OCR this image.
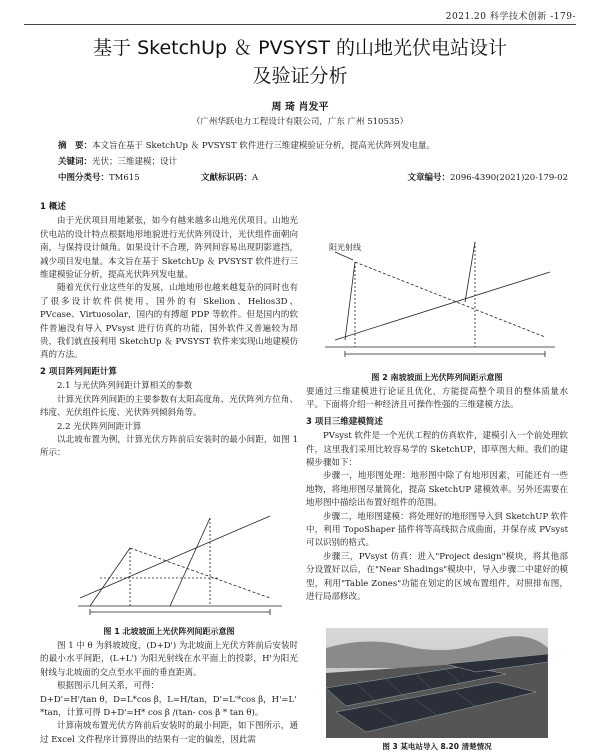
2021.20 科学技术创新 -179-
基于 SketchUp ＆ PVSYST 的山地光伏电站设计
及验证分析
周 琦 肖发平
（广州华跃电力工程设计有限公司，广东 广州 510535）
摘　要：本文旨在基于 SketchUp ＆ PVSYST 软件进行三维建模验证分析，提高光伏阵列发电量。
关键词：光伏；三维建模；设计
中图分类号：TM615	文献标识码：A	文章编号：2096-4390(2021)20-179-02

1 概述

由于光伏项目用地紧张，如今有越来越多山地光伏项目。山地光伏电站的设计特点根据地形地貌进行光伏阵列设计，光伏组件面朝向南，与保持设计倾角。如果设计不合理，阵列间容易出现阴影遮挡，减少项目发电量。本文旨在基于 SketchUp ＆ PVSYST 软件进行三维建模验证分析，提高光伏阵列发电量。

随着光伏行业这些年的发展，山地地形也越来越复杂的同时也有了很多设计软件供使用，国外的有 Skelion、Helios3D、PVcase、Virtuosolar，国内的有搏超 PDP 等软件。但是国内的软件普遍没有导入 PVsyst 进行仿真的功能，国外软件又普遍较为昂贵，我们就直接利用 SketchUp ＆ PVSYST 软件来实现山地建模仿真的方法。

2 项目阵列间距计算

2.1 与光伏阵列间距计算相关的参数

计算光伏阵列间距的主要参数有太阳高度角、光伏阵列方位角、纬度、光伏组件长度、光伏阵列倾斜角等。

2.2 光伏阵列间距计算

以北坡布置为例，计算光伏方阵前后安装时的最小间距，如图 1 所示：

图 1 北坡坡面上光伏阵列间距示意图

图 1 中 θ 为斜坡坡度，(D+D') 为北坡面上光伏方阵前后安装时的最小水平间距，(L+L') 为阳光射线在水平面上的投影，H'为阳光射线与北坡面的交点至水平面的垂直距离。

根据图示几何关系，可得：

D+D'=H'/tan θ，D=L*cos β，L=H/tan，D'=L'*cos β，H'=L'

*tan，计算可得 D+D'=H* cos β /(tan- cos β * tan θ)。

计算南坡布置光伏方阵前后安装时的最小间距，如下图所示，通过 Excel 文件程序计算得出的结果有一定的偏差，因此需

阳光射线
图 2 南坡坡面上光伏阵列间距示意图

要通过三维建模进行论证且优化，方能提高整个项目的整体质量水平。下面将介绍一种经济且可操作性强的三维建模方法。

3 项目三维建模简述

PVsyst 软件是一个光伏工程的仿真软件，建模引入一个前处理软件，这里我们采用比较容易学的 SketchUP，即草图大师。我们的建模步骤如下：

步骤一，地形图处理：地形图中除了有地形因素，可能还有一些地物，将地形图尽量简化，提高 SketchUP 建模效率。另外还需要在地形图中描绘出布置好组件的范围。

步骤二，地形图建模：将处理好的地形图导入到 SketchUP 软件中，利用 TopoShaper 插件将等高线拟合成曲面，并保存成 PVsyst 可以识别的格式。

步骤三，PVsyst 仿真：进入"Project design"模块，将其他部分设置好以后，在"Near Shadings"模块中，导入步骤二中建好的模型，利用"Table Zones"功能在划定的区域布置组件，对照排布图，进行局部修改。

图 3 某电站导入 8.20 清楚情况
